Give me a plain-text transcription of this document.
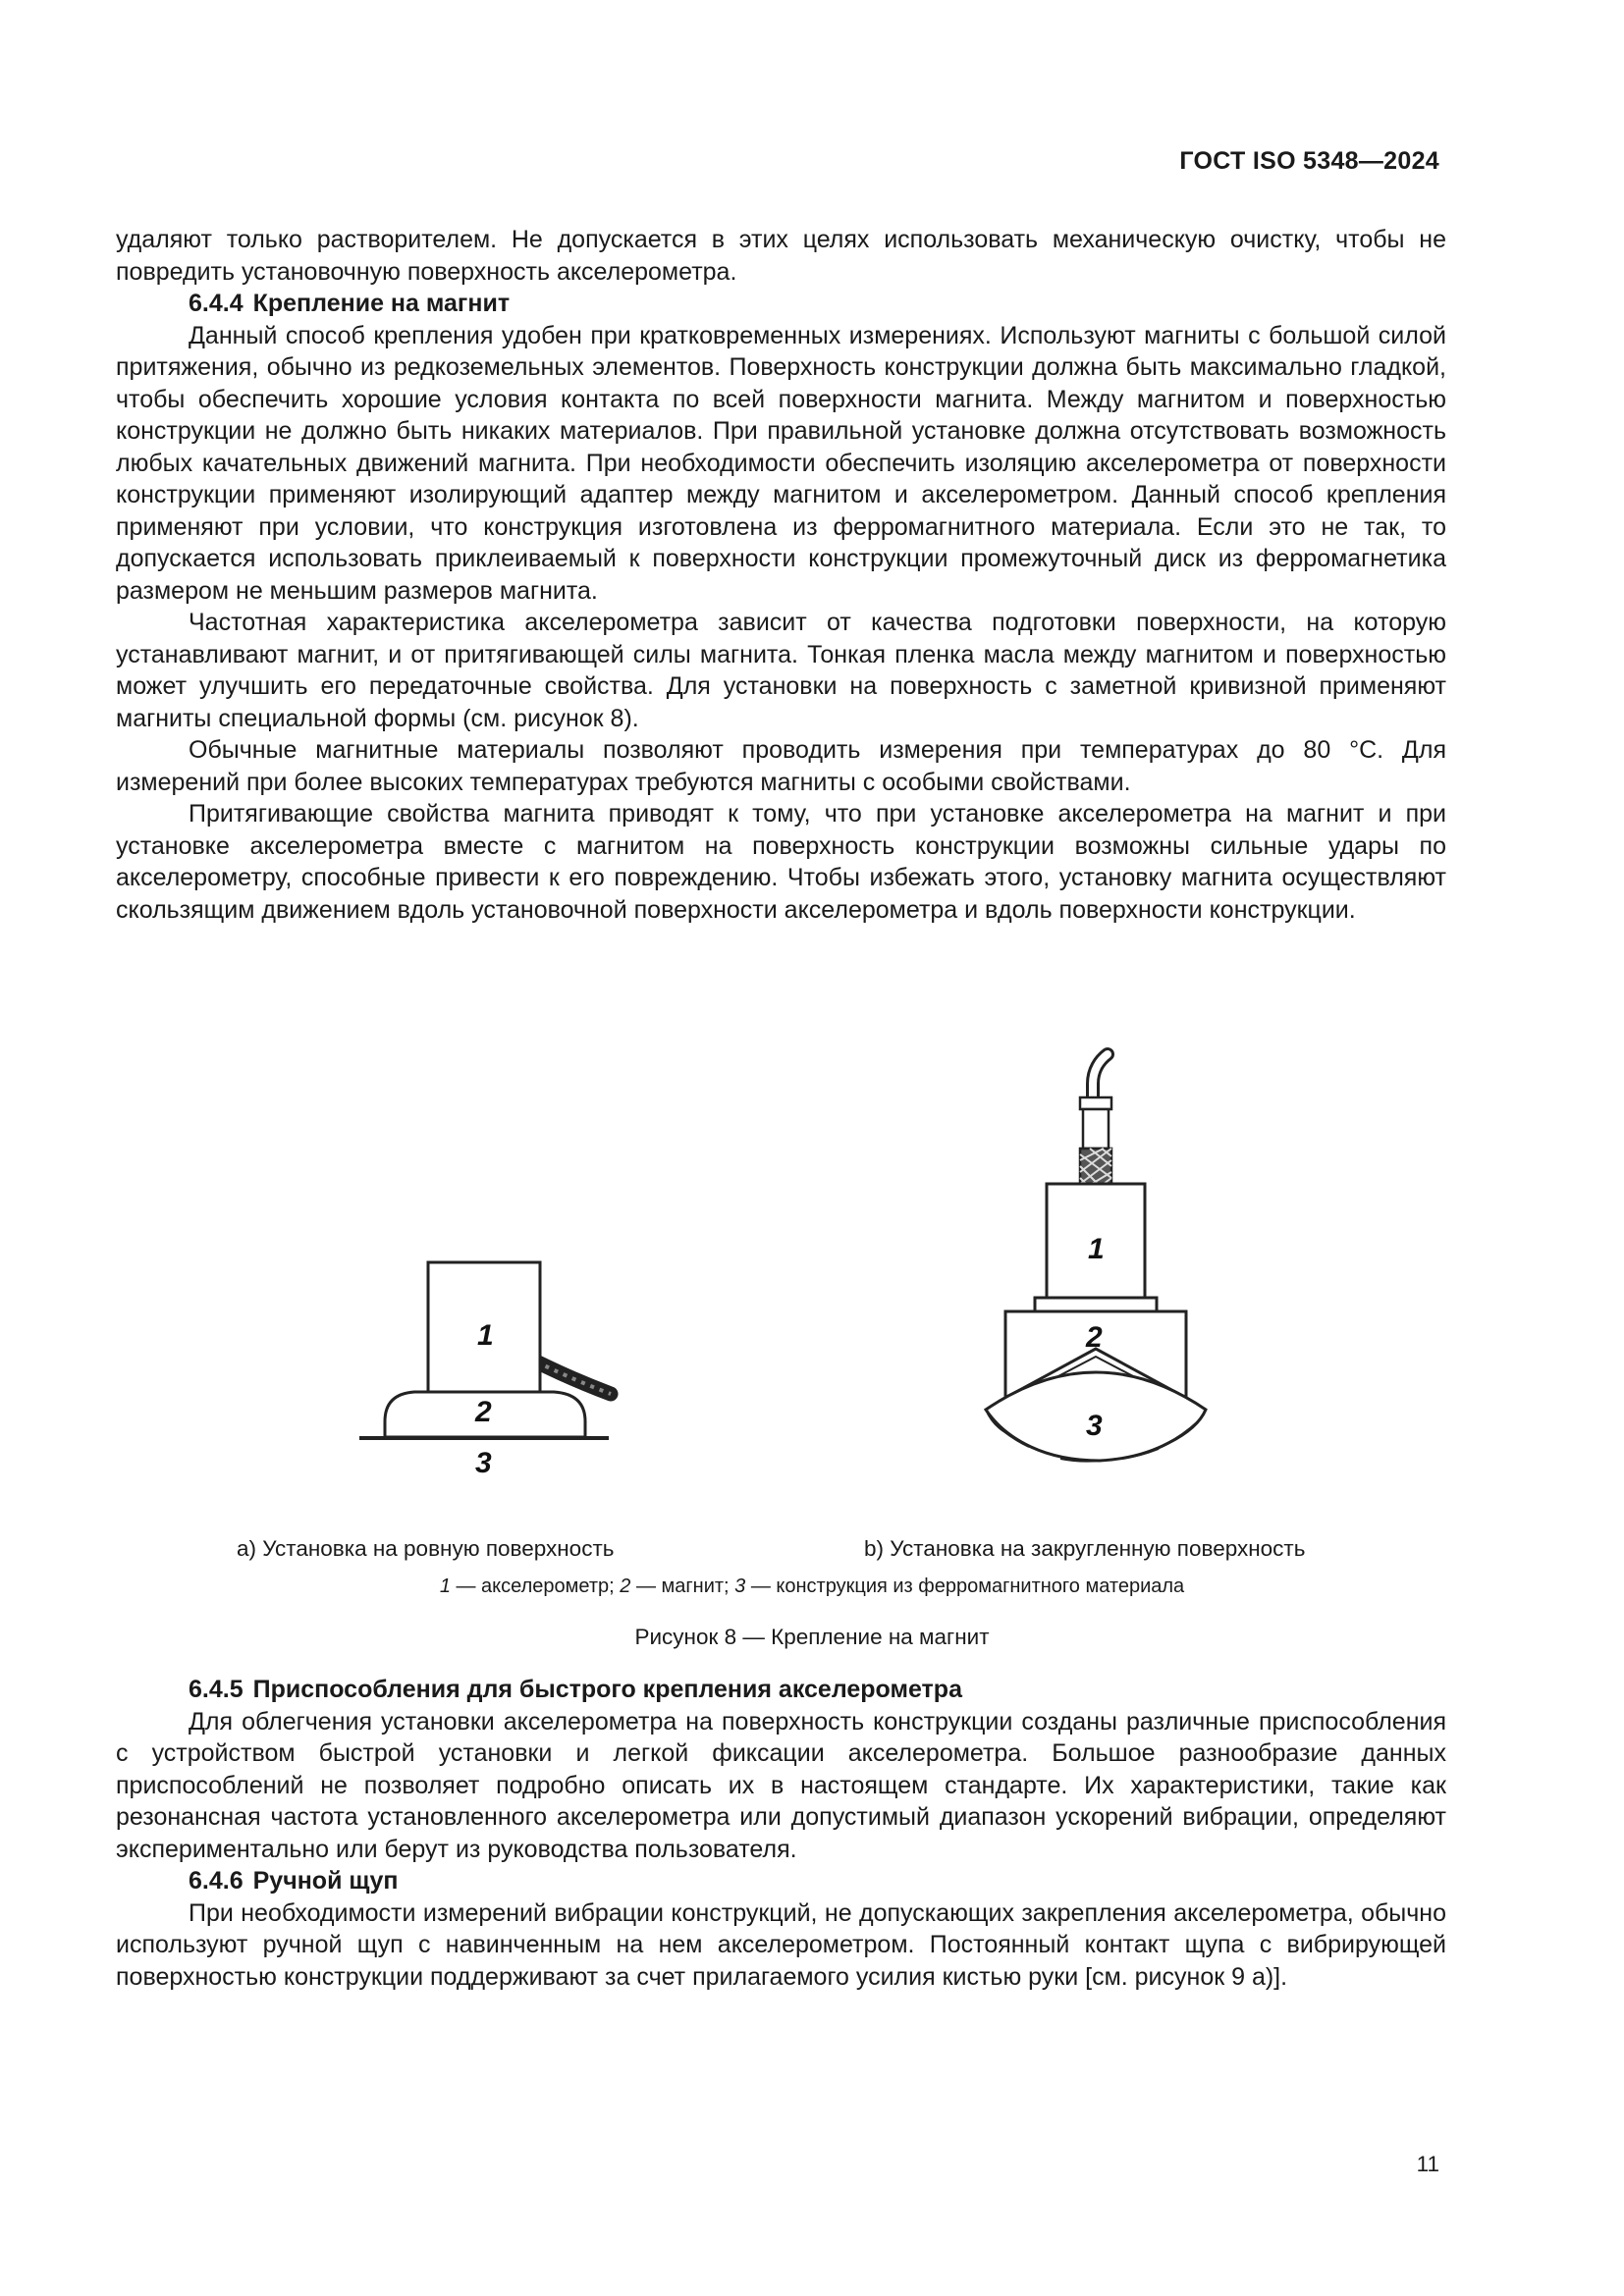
ГОСТ ISO 5348—2024

удаляют только растворителем. Не допускается в этих целях использовать механическую очистку, чтобы не повредить установочную поверхность акселерометра.

6.4.4 Крепление на магнит

Данный способ крепления удобен при кратковременных измерениях. Используют магниты с большой силой притяжения, обычно из редкоземельных элементов. Поверхность конструкции должна быть максимально гладкой, чтобы обеспечить хорошие условия контакта по всей поверхности магнита. Между магнитом и поверхностью конструкции не должно быть никаких материалов. При правильной установке должна отсутствовать возможность любых качательных движений магнита. При необходимости обеспечить изоляцию акселерометра от поверхности конструкции применяют изолирующий адаптер между магнитом и акселерометром. Данный способ крепления применяют при условии, что конструкция изготовлена из ферромагнитного материала. Если это не так, то допускается использовать приклеиваемый к поверхности конструкции промежуточный диск из ферромагнетика размером не меньшим размеров магнита.

Частотная характеристика акселерометра зависит от качества подготовки поверхности, на которую устанавливают магнит, и от притягивающей силы магнита. Тонкая пленка масла между магнитом и поверхностью может улучшить его передаточные свойства. Для установки на поверхность с заметной кривизной применяют магниты специальной формы (см. рисунок 8).

Обычные магнитные материалы позволяют проводить измерения при температурах до 80 °С. Для измерений при более высоких температурах требуются магниты с особыми свойствами.

Притягивающие свойства магнита приводят к тому, что при установке акселерометра на магнит и при установке акселерометра вместе с магнитом на поверхность конструкции возможны сильные удары по акселерометру, способные привести к его повреждению. Чтобы избежать этого, установку магнита осуществляют скользящим движением вдоль установочной поверхности акселерометра и вдоль поверхности конструкции.

1
2
3
1
2
3
а) Установка на ровную поверхность	b) Установка на закругленную поверхность
1 — акселерометр; 2 — магнит; 3 — конструкция из ферромагнитного материала
Рисунок 8 — Крепление на магнит

6.4.5 Приспособления для быстрого крепления акселерометра

Для облегчения установки акселерометра на поверхность конструкции созданы различные приспособления с устройством быстрой установки и легкой фиксации акселерометра. Большое разнообразие данных приспособлений не позволяет подробно описать их в настоящем стандарте. Их характеристики, такие как резонансная частота установленного акселерометра или допустимый диапазон ускорений вибрации, определяют экспериментально или берут из руководства пользователя.

6.4.6 Ручной щуп

При необходимости измерений вибрации конструкций, не допускающих закрепления акселерометра, обычно используют ручной щуп с навинченным на нем акселерометром. Постоянный контакт щупа с вибрирующей поверхностью конструкции поддерживают за счет прилагаемого усилия кистью руки [см. рисунок 9 а)].

11
